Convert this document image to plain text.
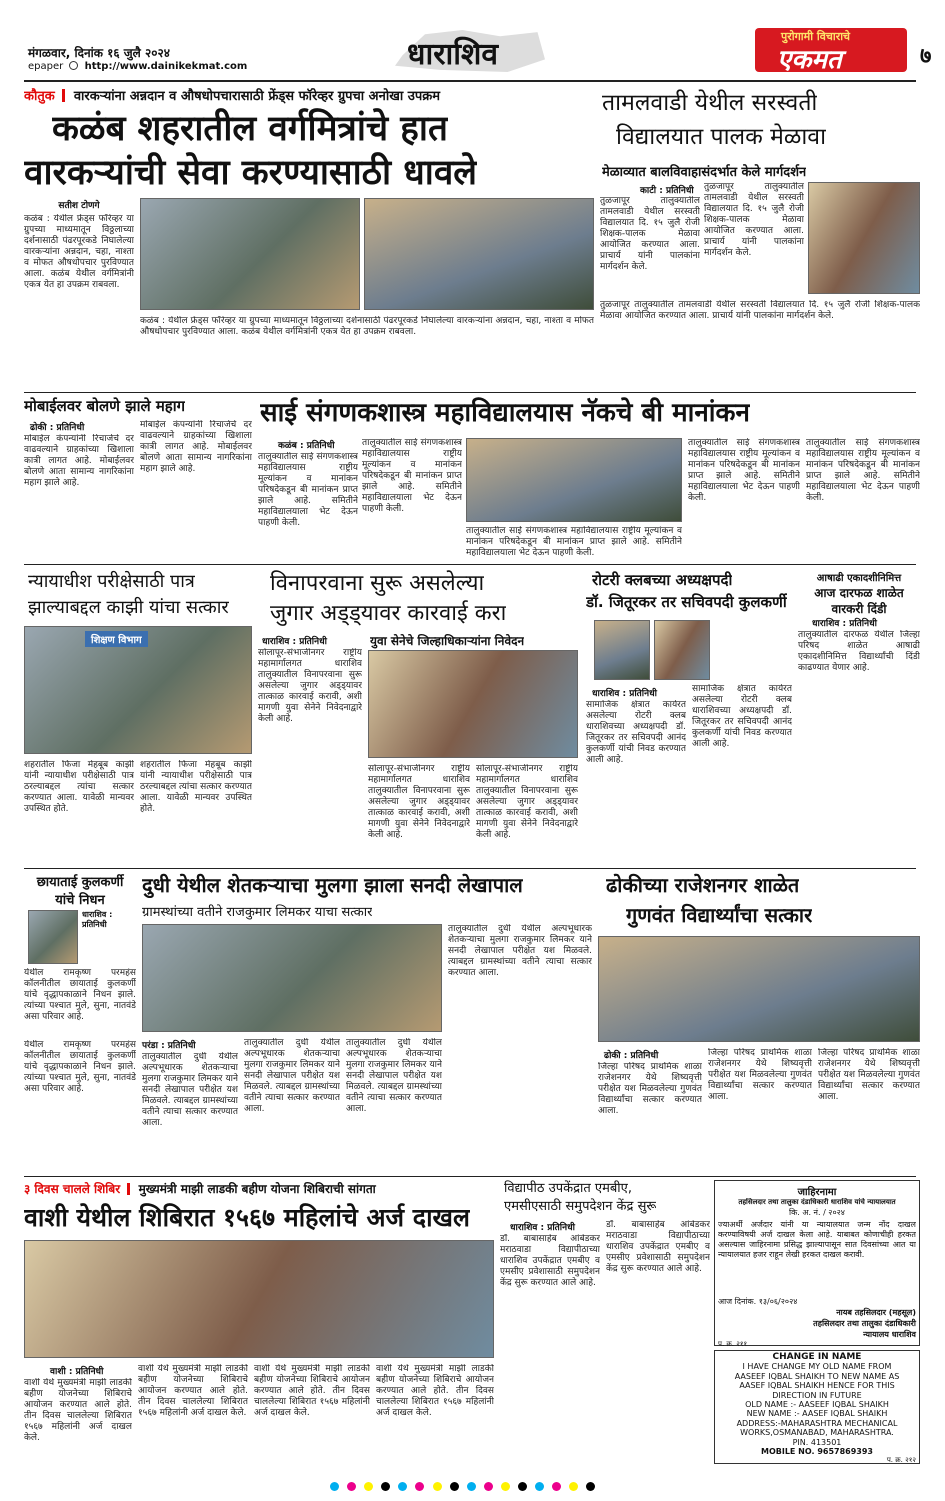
मंगळवार, दिनांक १६ जुलै २०२४
epaper http://www.dainikekmat.com	धाराशिव
पुरोगामी विचाराचे
एकमत	७
कौतुक वारकऱ्यांना अन्नदान व औषधोपचारासाठी फ्रेंड्स फॉरेव्हर ग्रुपचा अनोखा उपक्रम
कळंब शहरातील वर्गमित्रांचे हात
वारकऱ्यांची सेवा करण्यासाठी धावले
सतीश टोणगे
कळंब : येथील फ्रेंड्स फॉरेव्हर या ग्रुपच्या माध्यमातून विठ्ठलाच्या दर्शनासाठी पंढरपूरकडे निघालेल्या वारकऱ्यांना अन्नदान, चहा, नाश्ता व मोफत औषधोपचार पुरविण्यात आला. कळंब येथील वर्गमित्रांनी एकत्र येत हा उपक्रम राबवला.
कळंब : येथील फ्रेंड्स फॉरेव्हर या ग्रुपच्या माध्यमातून विठ्ठलाच्या दर्शनासाठी पंढरपूरकडे निघालेल्या वारकऱ्यांना अन्नदान, चहा, नाश्ता व मोफत औषधोपचार पुरविण्यात आला. कळंब येथील वर्गमित्रांनी एकत्र येत हा उपक्रम राबवला.
तामलवाडी येथील सरस्वती
विद्यालयात पालक मेळावा
मेळाव्यात बालविवाहासंदर्भात केले मार्गदर्शन
काटी : प्रतिनिधी
तुळजापूर तालुक्यातील तामलवाडी येथील सरस्वती विद्यालयात दि. १५ जुलै रोजी शिक्षक-पालक मेळावा आयोजित करण्यात आला. प्राचार्य यांनी पालकांना मार्गदर्शन केले.
तुळजापूर तालुक्यातील तामलवाडी येथील सरस्वती विद्यालयात दि. १५ जुलै रोजी शिक्षक-पालक मेळावा आयोजित करण्यात आला. प्राचार्य यांनी पालकांना मार्गदर्शन केले.
तुळजापूर तालुक्यातील तामलवाडी येथील सरस्वती विद्यालयात दि. १५ जुलै रोजी शिक्षक-पालक मेळावा आयोजित करण्यात आला. प्राचार्य यांनी पालकांना मार्गदर्शन केले.
मोबाईलवर बोलणे झाले महाग
ढोकी : प्रतिनिधी
मोबाईल कंपन्यांनी रिचार्जचे दर वाढवल्याने ग्राहकांच्या खिशाला कात्री लागत आहे. मोबाईलवर बोलणे आता सामान्य नागरिकांना महाग झाले आहे.
मोबाईल कंपन्यांनी रिचार्जचे दर वाढवल्याने ग्राहकांच्या खिशाला कात्री लागत आहे. मोबाईलवर बोलणे आता सामान्य नागरिकांना महाग झाले आहे.
साई संगणकशास्त्र महाविद्यालयास नॅकचे बी मानांकन
कळंब : प्रतिनिधी
तालुक्यातील साई संगणकशास्त्र महाविद्यालयास राष्ट्रीय मूल्यांकन व मानांकन परिषदेकडून बी मानांकन प्राप्त झाले आहे. समितीने महाविद्यालयाला भेट देऊन पाहणी केली.
तालुक्यातील साई संगणकशास्त्र महाविद्यालयास राष्ट्रीय मूल्यांकन व मानांकन परिषदेकडून बी मानांकन प्राप्त झाले आहे. समितीने महाविद्यालयाला भेट देऊन पाहणी केली.
तालुक्यातील साई संगणकशास्त्र महाविद्यालयास राष्ट्रीय मूल्यांकन व मानांकन परिषदेकडून बी मानांकन प्राप्त झाले आहे. समितीने महाविद्यालयाला भेट देऊन पाहणी केली.
तालुक्यातील साई संगणकशास्त्र महाविद्यालयास राष्ट्रीय मूल्यांकन व मानांकन परिषदेकडून बी मानांकन प्राप्त झाले आहे. समितीने महाविद्यालयाला भेट देऊन पाहणी केली.
तालुक्यातील साई संगणकशास्त्र महाविद्यालयास राष्ट्रीय मूल्यांकन व मानांकन परिषदेकडून बी मानांकन प्राप्त झाले आहे. समितीने महाविद्यालयाला भेट देऊन पाहणी केली.
न्यायाधीश परीक्षेसाठी पात्र
झाल्याबद्दल काझी यांचा सत्कार
शिक्षण विभाग
शहरातील फिजा मेहबूब काझी यांनी न्यायाधीश परीक्षेसाठी पात्र ठरल्याबद्दल त्यांचा सत्कार करण्यात आला. यावेळी मान्यवर उपस्थित होते.
शहरातील फिजा मेहबूब काझी यांनी न्यायाधीश परीक्षेसाठी पात्र ठरल्याबद्दल त्यांचा सत्कार करण्यात आला. यावेळी मान्यवर उपस्थित होते.
विनापरवाना सुरू असलेल्या
जुगार अड्ड्यावर कारवाई करा
धाराशिव : प्रतिनिधी
सोलापूर-संभाजीनगर राष्ट्रीय महामार्गालगत धाराशिव तालुक्यातील विनापरवाना सुरू असलेल्या जुगार अड्ड्यावर तात्काळ कारवाई करावी, अशी मागणी युवा सेनेने निवेदनाद्वारे केली आहे.
युवा सेनेचे जिल्हाधिकाऱ्यांना निवेदन
सोलापूर-संभाजीनगर राष्ट्रीय महामार्गालगत धाराशिव तालुक्यातील विनापरवाना सुरू असलेल्या जुगार अड्ड्यावर तात्काळ कारवाई करावी, अशी मागणी युवा सेनेने निवेदनाद्वारे केली आहे.
सोलापूर-संभाजीनगर राष्ट्रीय महामार्गालगत धाराशिव तालुक्यातील विनापरवाना सुरू असलेल्या जुगार अड्ड्यावर तात्काळ कारवाई करावी, अशी मागणी युवा सेनेने निवेदनाद्वारे केली आहे.
रोटरी क्लबच्या अध्यक्षपदी
डॉ. जितूरकर तर सचिवपदी कुलकर्णी
धाराशिव : प्रतिनिधी
सामाजिक क्षेत्रात कार्यरत असलेल्या रोटरी क्लब धाराशिवच्या अध्यक्षपदी डॉ. जितूरकर तर सचिवपदी आनंद कुलकर्णी यांची निवड करण्यात आली आहे.
सामाजिक क्षेत्रात कार्यरत असलेल्या रोटरी क्लब धाराशिवच्या अध्यक्षपदी डॉ. जितूरकर तर सचिवपदी आनंद कुलकर्णी यांची निवड करण्यात आली आहे.
आषाढी एकादशीनिमित्त
आज दारफळ शाळेत
वारकरी दिंडी
धाराशिव : प्रतिनिधी
तालुक्यातील दारफळ येथील जिल्हा परिषद शाळेत आषाढी एकादशीनिमित्त विद्यार्थ्यांची दिंडी काढण्यात येणार आहे.
छायाताई कुलकर्णी
यांचे निधन
धाराशिव : प्रतिनिधी
येथील रामकृष्ण परमहंस कॉलनीतील छायाताई कुलकर्णी यांचे वृद्धापकाळाने निधन झाले. त्यांच्या पश्चात मुले, सुना, नातवंडे असा परिवार आहे.
दुधी येथील शेतकऱ्याचा मुलगा झाला सनदी लेखापाल
ग्रामस्थांच्या वतीने राजकुमार लिमकर याचा सत्कार
परंडा : प्रतिनिधी
तालुक्यातील दुधी येथील अल्पभूधारक शेतकऱ्याचा मुलगा राजकुमार लिमकर याने सनदी लेखापाल परीक्षेत यश मिळवले. त्याबद्दल ग्रामस्थांच्या वतीने त्याचा सत्कार करण्यात आला.
तालुक्यातील दुधी येथील अल्पभूधारक शेतकऱ्याचा मुलगा राजकुमार लिमकर याने सनदी लेखापाल परीक्षेत यश मिळवले. त्याबद्दल ग्रामस्थांच्या वतीने त्याचा सत्कार करण्यात आला.
तालुक्यातील दुधी येथील अल्पभूधारक शेतकऱ्याचा मुलगा राजकुमार लिमकर याने सनदी लेखापाल परीक्षेत यश मिळवले. त्याबद्दल ग्रामस्थांच्या वतीने त्याचा सत्कार करण्यात आला.
तालुक्यातील दुधी येथील अल्पभूधारक शेतकऱ्याचा मुलगा राजकुमार लिमकर याने सनदी लेखापाल परीक्षेत यश मिळवले. त्याबद्दल ग्रामस्थांच्या वतीने त्याचा सत्कार करण्यात आला.
येथील रामकृष्ण परमहंस कॉलनीतील छायाताई कुलकर्णी यांचे वृद्धापकाळाने निधन झाले. त्यांच्या पश्चात मुले, सुना, नातवंडे असा परिवार आहे.
ढोकीच्या राजेशनगर शाळेत
गुणवंत विद्यार्थ्यांचा सत्कार
ढोकी : प्रतिनिधी
जिल्हा परिषद प्राथमिक शाळा राजेशनगर येथे शिष्यवृत्ती परीक्षेत यश मिळवलेल्या गुणवंत विद्यार्थ्यांचा सत्कार करण्यात आला.
जिल्हा परिषद प्राथमिक शाळा राजेशनगर येथे शिष्यवृत्ती परीक्षेत यश मिळवलेल्या गुणवंत विद्यार्थ्यांचा सत्कार करण्यात आला.
जिल्हा परिषद प्राथमिक शाळा राजेशनगर येथे शिष्यवृत्ती परीक्षेत यश मिळवलेल्या गुणवंत विद्यार्थ्यांचा सत्कार करण्यात आला.
३ दिवस चालले शिबिर मुख्यमंत्री माझी लाडकी बहीण योजना शिबिराची सांगता
वाशी येथील शिबिरात १५६७ महिलांचे अर्ज दाखल
वाशी : प्रतिनिधी
वाशी येथे मुख्यमंत्री माझी लाडकी बहीण योजनेच्या शिबिराचे आयोजन करण्यात आले होते. तीन दिवस चाललेल्या शिबिरात १५६७ महिलांनी अर्ज दाखल केले.
वाशी येथे मुख्यमंत्री माझी लाडकी बहीण योजनेच्या शिबिराचे आयोजन करण्यात आले होते. तीन दिवस चाललेल्या शिबिरात १५६७ महिलांनी अर्ज दाखल केले.
वाशी येथे मुख्यमंत्री माझी लाडकी बहीण योजनेच्या शिबिराचे आयोजन करण्यात आले होते. तीन दिवस चाललेल्या शिबिरात १५६७ महिलांनी अर्ज दाखल केले.
वाशी येथे मुख्यमंत्री माझी लाडकी बहीण योजनेच्या शिबिराचे आयोजन करण्यात आले होते. तीन दिवस चाललेल्या शिबिरात १५६७ महिलांनी अर्ज दाखल केले.
विद्यापीठ उपकेंद्रात एमबीए,
एमसीएसाठी समुपदेशन केंद्र सुरू
धाराशिव : प्रतिनिधी
डॉ. बाबासाहेब आंबेडकर मराठवाडा विद्यापीठाच्या धाराशिव उपकेंद्रात एमबीए व एमसीए प्रवेशासाठी समुपदेशन केंद्र सुरू करण्यात आले आहे.
डॉ. बाबासाहेब आंबेडकर मराठवाडा विद्यापीठाच्या धाराशिव उपकेंद्रात एमबीए व एमसीए प्रवेशासाठी समुपदेशन केंद्र सुरू करण्यात आले आहे.
जाहिरनामा
तहसिलदार तथा तालुका दंडाधिकारी धाराशिव यांचे न्यायालयात
कि. अ. नं. / २०२४
ज्याअर्थी अर्जदार यांनी या न्यायालयात जन्म नोंद दाखल करण्याविषयी अर्ज दाखल केला आहे. याबाबत कोणाचीही हरकत असल्यास जाहिरनामा प्रसिद्ध झाल्यापासून सात दिवसांच्या आत या न्यायालयात हजर राहून लेखी हरकत दाखल करावी.
आज दिनांक. १३/०६/२०२४
नायब तहसिलदार (महसूल)
तहसिलदार तथा तालुका दंडाधिकारी
न्यायालय धाराशिव
प. क्र. २११
CHANGE IN NAME
I HAVE CHANGE MY OLD NAME FROM
AASEEF IQBAL SHAIKH TO NEW NAME AS
AASEF IQBAL SHAIKH HENCE FOR THIS
DIRECTION IN FUTURE
OLD NAME :- AASEEF IQBAL SHAIKH
NEW NAME :- AASEF IQBAL SHAIKH
ADDRESS:-MAHARASHTRA MECHANICAL
WORKS,OSMANABAD, MAHARASHTRA.
PIN. 413501
MOBILE NO. 9657869393
प. क्र. २१२
